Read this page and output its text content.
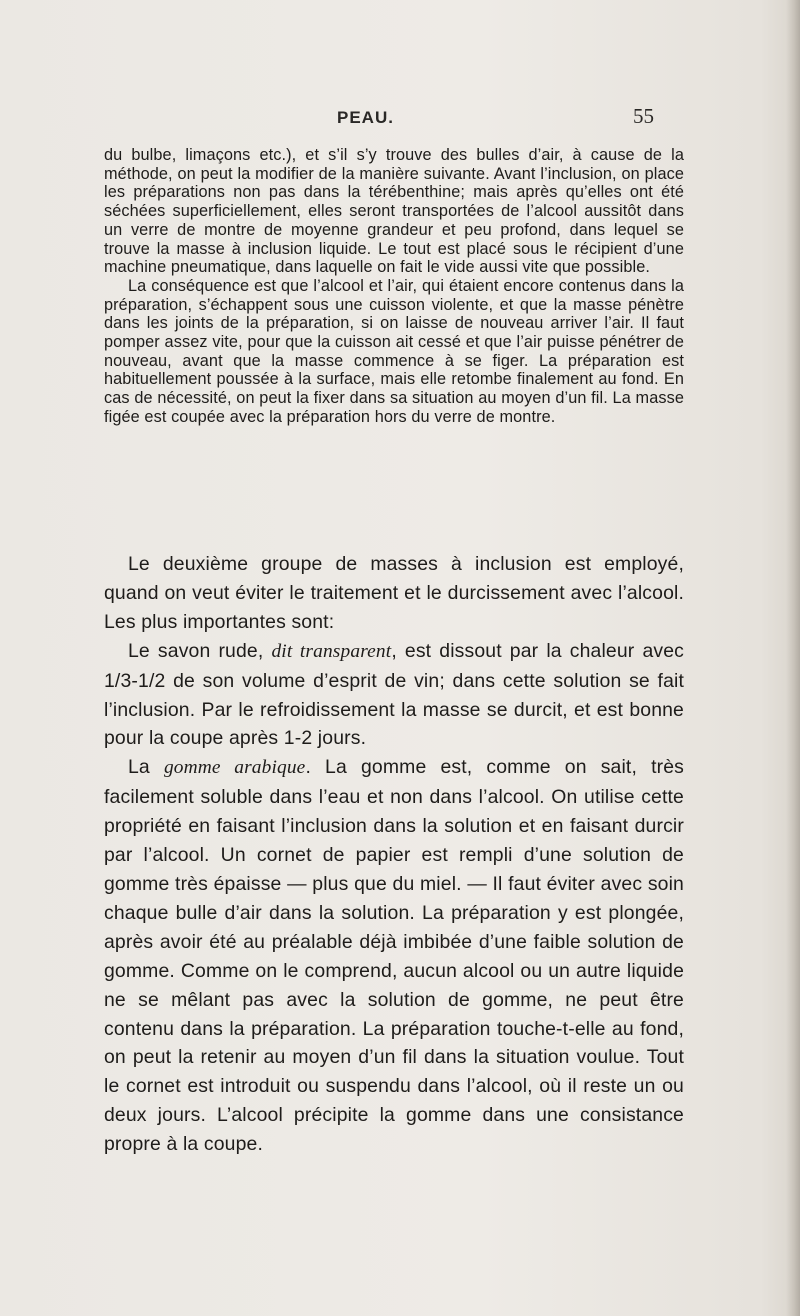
PEAU.	55

du bulbe, limaçons etc.), et s’il s’y trouve des bulles d’air, à cause de la méthode, on peut la modifier de la manière suivante. Avant l’inclusion, on place les préparations non pas dans la térébenthine; mais après qu’elles ont été séchées superficiellement, elles seront transportées de l’alcool aussitôt dans un verre de montre de moyenne grandeur et peu profond, dans lequel se trouve la masse à inclusion liquide. Le tout est placé sous le récipient d’une machine pneumatique, dans laquelle on fait le vide aussi vite que possible.

La conséquence est que l’alcool et l’air, qui étaient encore contenus dans la préparation, s’échappent sous une cuisson violente, et que la masse pénètre dans les joints de la préparation, si on laisse de nouveau arriver l’air. Il faut pomper assez vite, pour que la cuisson ait cessé et que l’air puisse pénétrer de nouveau, avant que la masse commence à se figer. La préparation est habituellement poussée à la surface, mais elle retombe finalement au fond. En cas de nécessité, on peut la fixer dans sa situation au moyen d’un fil. La masse figée est coupée avec la préparation hors du verre de montre.

Le deuxième groupe de masses à inclusion est employé, quand on veut éviter le traitement et le durcissement avec l’alcool. Les plus importantes sont:

Le savon rude, dit transparent, est dissout par la chaleur avec 1/3-1/2 de son volume d’esprit de vin; dans cette solution se fait l’inclusion. Par le refroidissement la masse se durcit, et est bonne pour la coupe après 1-2 jours.

La gomme arabique. La gomme est, comme on sait, très facilement soluble dans l’eau et non dans l’alcool. On utilise cette propriété en faisant l’inclusion dans la solution et en faisant durcir par l’alcool. Un cornet de papier est rempli d’une solution de gomme très épaisse — plus que du miel. — Il faut éviter avec soin chaque bulle d’air dans la solution. La préparation y est plongée, après avoir été au préalable déjà imbibée d’une faible solution de gomme. Comme on le comprend, aucun alcool ou un autre liquide ne se mêlant pas avec la solution de gomme, ne peut être contenu dans la préparation. La préparation touche-t-elle au fond, on peut la retenir au moyen d’un fil dans la situation voulue. Tout le cornet est introduit ou suspendu dans l’alcool, où il reste un ou deux jours. L’alcool précipite la gomme dans une consistance propre à la coupe.
